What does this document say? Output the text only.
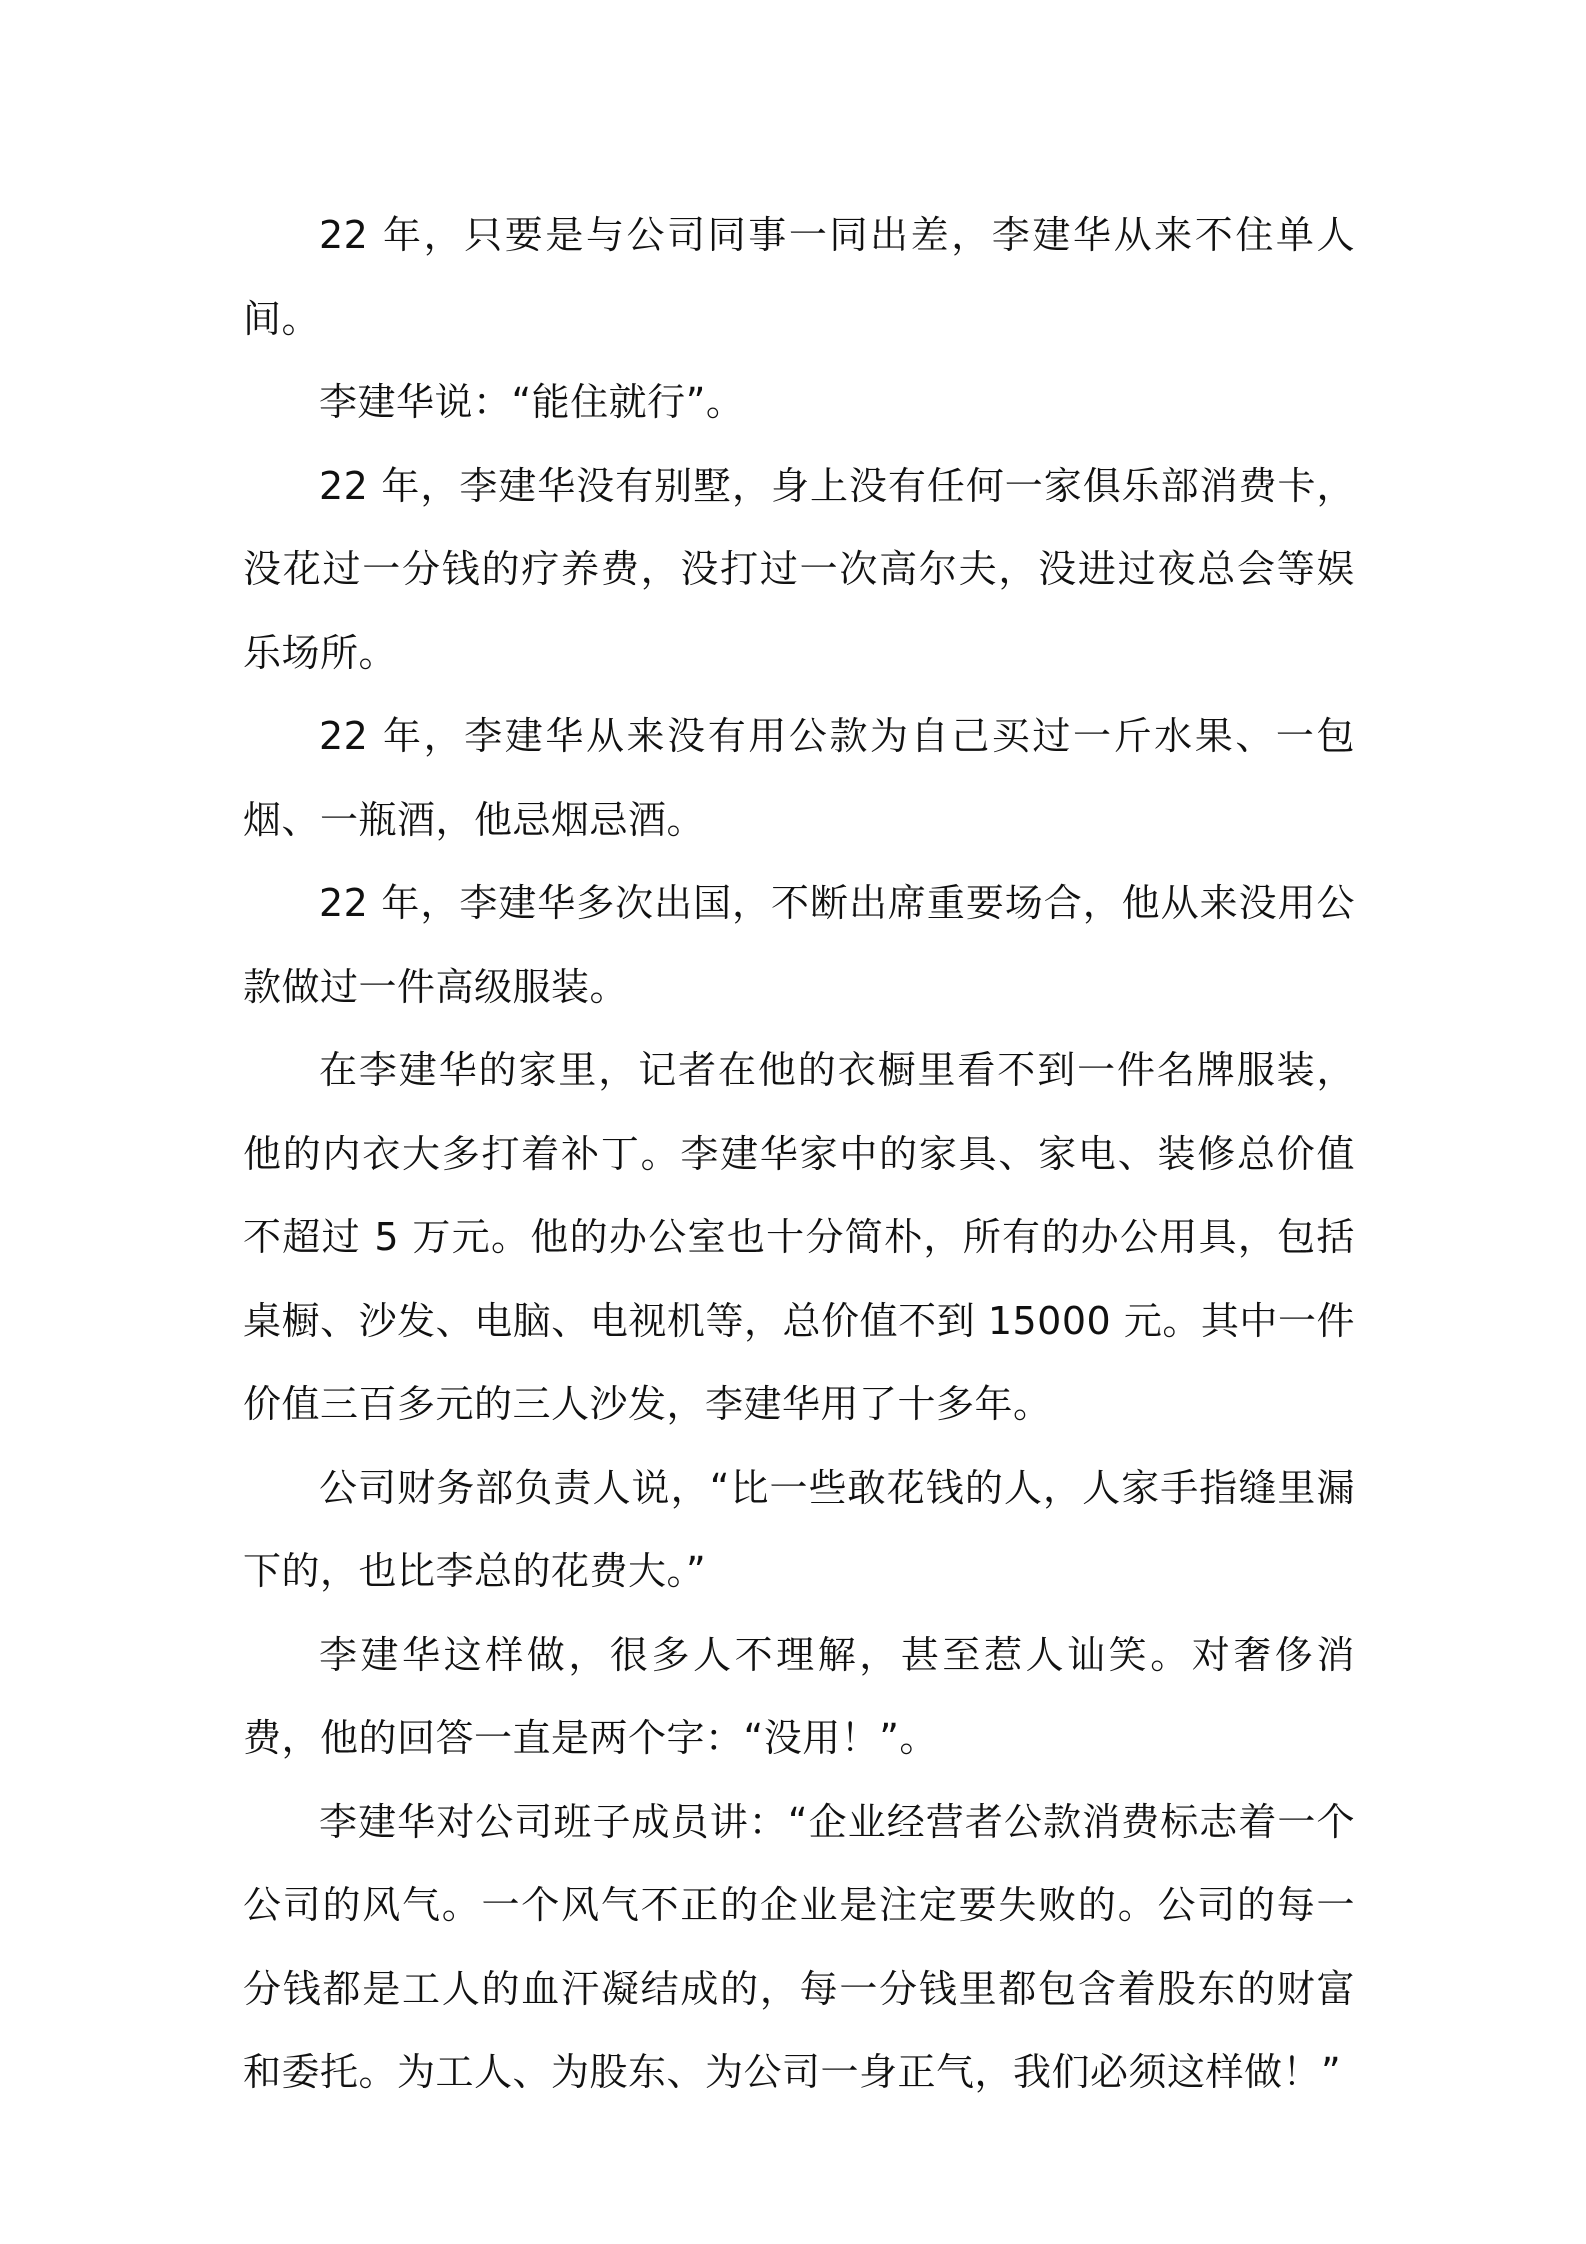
22 年，只要是与公司同事一同出差，李建华从来不住单人间。

李建华说：“能住就行”。

22 年，李建华没有别墅，身上没有任何一家俱乐部消费卡，没花过一分钱的疗养费，没打过一次高尔夫，没进过夜总会等娱乐场所。

22 年，李建华从来没有用公款为自己买过一斤水果、一包烟、一瓶酒，他忌烟忌酒。

22 年，李建华多次出国，不断出席重要场合，他从来没用公款做过一件高级服装。

在李建华的家里，记者在他的衣橱里看不到一件名牌服装，他的内衣大多打着补丁。李建华家中的家具、家电、装修总价值不超过 5 万元。他的办公室也十分简朴，所有的办公用具，包括桌橱、沙发、电脑、电视机等，总价值不到 15000 元。其中一件价值三百多元的三人沙发，李建华用了十多年。

公司财务部负责人说，“比一些敢花钱的人，人家手指缝里漏下的，也比李总的花费大。”

李建华这样做，很多人不理解，甚至惹人讪笑。对奢侈消费，他的回答一直是两个字：“没用！”。

李建华对公司班子成员讲：“企业经营者公款消费标志着一个公司的风气。一个风气不正的企业是注定要失败的。公司的每一分钱都是工人的血汗凝结成的，每一分钱里都包含着股东的财富和委托。为工人、为股东、为公司一身正气，我们必须这样做！”
